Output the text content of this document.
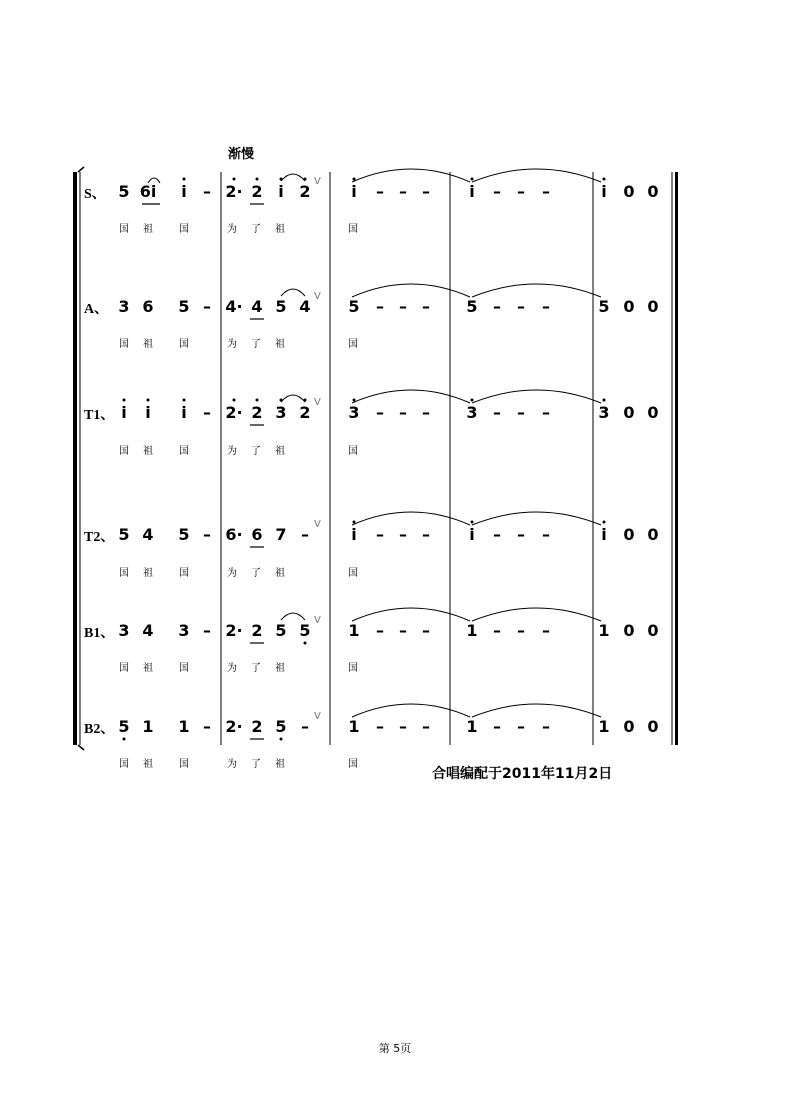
渐慢
S、 5 6i	i	– 2· 2 i 2	i	– – –	i	–	–	–	i	0 0
国	祖	国	为	了	祖	国
A、 3 6 5 – 4· 4 5 4 5	– – –	5 –	–	–	5 0 0
国	祖	国	为	了	祖	国
T1、 i	i	i	– 2· 2 3 2 3	– – –	3 –	–	–	3 0 0
国	祖	国	为	了	祖	国
T2、 5 4 5 – 6· 6 7 –	i	– – –	i	–	–	–	i	0 0
国	祖	国	为	了	祖	国
B1、 3 4 3 – 2· 2 5 5 1	– – –	1 –	–	–	1 0 0
国	祖	国	为	了	祖	国
B2、 5 1 1 – 2· 2 5 –	1	– – –	1 –	–	–	1 0 0
国	祖	国	为	了	祖	国
V
V
V
V
V
V
合唱编配于2011年11月2日
第 5页
